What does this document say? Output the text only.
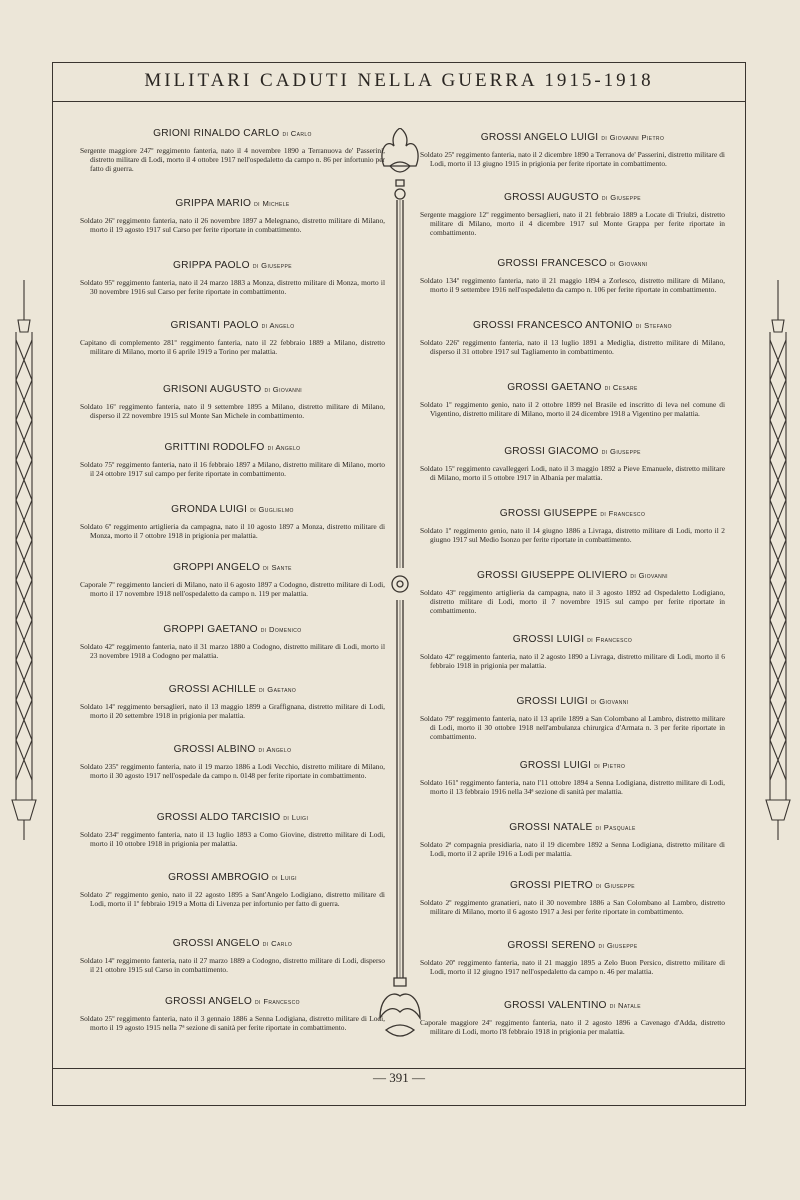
MILITARI CADUTI NELLA GUERRA 1915-1918
GRIONI RINALDO CARLO di Carlo
Sergente maggiore 247º reggimento fanteria, nato il 4 novembre 1890 a Terranuova de' Passerini, distretto militare di Lodi, morto il 4 ottobre 1917 nell'ospedaletto da campo n. 86 per infortunio per fatto di guerra.
GRIPPA MARIO di Michele
Soldato 26º reggimento fanteria, nato il 26 novembre 1897 a Melegnano, distretto militare di Milano, morto il 19 agosto 1917 sul Carso per ferite riportate in combattimento.
GRIPPA PAOLO di Giuseppe
Soldato 95º reggimento fanteria, nato il 24 marzo 1883 a Monza, distretto militare di Monza, morto il 30 novembre 1916 sul Carso per ferite riportate in combattimento.
GRISANTI PAOLO di Angelo
Capitano di complemento 281º reggimento fanteria, nato il 22 febbraio 1889 a Milano, distretto militare di Milano, morto il 6 aprile 1919 a Torino per malattia.
GRISONI AUGUSTO di Giovanni
Soldato 16º reggimento fanteria, nato il 9 settembre 1895 a Milano, distretto militare di Milano, disperso il 22 novembre 1915 sul Monte San Michele in combattimento.
GRITTINI RODOLFO di Angelo
Soldato 75º reggimento fanteria, nato il 16 febbraio 1897 a Milano, distretto militare di Milano, morto il 24 ottobre 1917 sul campo per ferite riportate in combattimento.
GRONDA LUIGI di Guglielmo
Soldato 6º reggimento artiglieria da campagna, nato il 10 agosto 1897 a Monza, distretto militare di Monza, morto il 7 ottobre 1918 in prigionia per malattia.
GROPPI ANGELO di Sante
Caporale 7º reggimento lancieri di Milano, nato il 6 agosto 1897 a Codogno, distretto militare di Lodi, morto il 17 novembre 1918 nell'ospedaletto da campo n. 119 per malattia.
GROPPI GAETANO di Domenico
Soldato 42º reggimento fanteria, nato il 31 marzo 1880 a Codogno, distretto militare di Lodi, morto il 23 novembre 1918 a Codogno per malattia.
GROSSI ACHILLE di Gaetano
Soldato 14º reggimento bersaglieri, nato il 13 maggio 1899 a Graffignana, distretto militare di Lodi, morto il 20 settembre 1918 in prigionia per malattia.
GROSSI ALBINO di Angelo
Soldato 235º reggimento fanteria, nato il 19 marzo 1886 a Lodi Vecchio, distretto militare di Milano, morto il 30 agosto 1917 nell'ospedale da campo n. 0148 per ferite riportate in combattimento.
GROSSI ALDO TARCISIO di Luigi
Soldato 234º reggimento fanteria, nato il 13 luglio 1893 a Como Giovine, distretto militare di Lodi, morto il 10 ottobre 1918 in prigionia per malattia.
GROSSI AMBROGIO di Luigi
Soldato 2º reggimento genio, nato il 22 agosto 1895 a Sant'Angelo Lodigiano, distretto militare di Lodi, morto il 1º febbraio 1919 a Motta di Livenza per infortunio per fatto di guerra.
GROSSI ANGELO di Carlo
Soldato 14º reggimento fanteria, nato il 27 marzo 1889 a Codogno, distretto militare di Lodi, disperso il 21 ottobre 1915 sul Carso in combattimento.
GROSSI ANGELO di Francesco
Soldato 25º reggimento fanteria, nato il 3 gennaio 1886 a Senna Lodigiana, distretto militare di Lodi, morto il 19 agosto 1915 nella 7ª sezione di sanità per ferite riportate in combattimento.
GROSSI ANGELO LUIGI di Giovanni Pietro
Soldato 25º reggimento fanteria, nato il 2 dicembre 1890 a Terranova de' Passerini, distretto militare di Lodi, morto il 13 giugno 1915 in prigionia per ferite riportate in combattimento.
GROSSI AUGUSTO di Giuseppe
Sergente maggiore 12º reggimento bersaglieri, nato il 21 febbraio 1889 a Locate di Triulzi, distretto militare di Milano, morto il 4 dicembre 1917 sul Monte Grappa per ferite riportate in combattimento.
GROSSI FRANCESCO di Giovanni
Soldato 134º reggimento fanteria, nato il 21 maggio 1894 a Zorlesco, distretto militare di Milano, morto il 9 settembre 1916 nell'ospedaletto da campo n. 106 per ferite riportate in combattimento.
GROSSI FRANCESCO ANTONIO di Stefano
Soldato 226º reggimento fanteria, nato il 13 luglio 1891 a Mediglia, distretto militare di Milano, disperso il 31 ottobre 1917 sul Tagliamento in combattimento.
GROSSI GAETANO di Cesare
Soldato 1º reggimento genio, nato il 2 ottobre 1899 nel Brasile ed inscritto di leva nel comune di Vigentino, distretto militare di Milano, morto il 24 dicembre 1918 a Vigentino per malattia.
GROSSI GIACOMO di Giuseppe
Soldato 15º reggimento cavalleggeri Lodi, nato il 3 maggio 1892 a Pieve Emanuele, distretto militare di Milano, morto il 5 ottobre 1917 in Albania per malattia.
GROSSI GIUSEPPE di Francesco
Soldato 1º reggimento genio, nato il 14 giugno 1886 a Livraga, distretto militare di Lodi, morto il 2 giugno 1917 sul Medio Isonzo per ferite riportate in combattimento.
GROSSI GIUSEPPE OLIVIERO di Giovanni
Soldato 43º reggimento artiglieria da campagna, nato il 3 agosto 1892 ad Ospedaletto Lodigiano, distretto militare di Lodi, morto il 7 novembre 1915 sul campo per ferite riportate in combattimento.
GROSSI LUIGI di Francesco
Soldato 42º reggimento fanteria, nato il 2 agosto 1890 a Livraga, distretto militare di Lodi, morto il 6 febbraio 1918 in prigionia per malattia.
GROSSI LUIGI di Giovanni
Soldato 79º reggimento fanteria, nato il 13 aprile 1899 a San Colombano al Lambro, distretto militare di Lodi, morto il 30 ottobre 1918 nell'ambulanza chirurgica d'Armata n. 3 per ferite riportate in combattimento.
GROSSI LUIGI di Pietro
Soldato 161º reggimento fanteria, nato l'11 ottobre 1894 a Senna Lodigiana, distretto militare di Lodi, morto il 13 febbraio 1916 nella 34ª sezione di sanità per malattia.
GROSSI NATALE di Pasquale
Soldato 2ª compagnia presidiaria, nato il 19 dicembre 1892 a Senna Lodigiana, distretto militare di Lodi, morto il 2 aprile 1916 a Lodi per malattia.
GROSSI PIETRO di Giuseppe
Soldato 2º reggimento granatieri, nato il 30 novembre 1886 a San Colombano al Lambro, distretto militare di Milano, morto il 6 agosto 1917 a Jesi per ferite riportate in combattimento.
GROSSI SERENO di Giuseppe
Soldato 20º reggimento fanteria, nato il 21 maggio 1895 a Zelo Buon Persico, distretto militare di Lodi, morto il 12 giugno 1917 nell'ospedaletto da campo n. 46 per malattia.
GROSSI VALENTINO di Natale
Caporale maggiore 24º reggimento fanteria, nato il 2 agosto 1896 a Cavenago d'Adda, distretto militare di Lodi, morto l'8 febbraio 1918 in prigionia per malattia.
— 391 —
